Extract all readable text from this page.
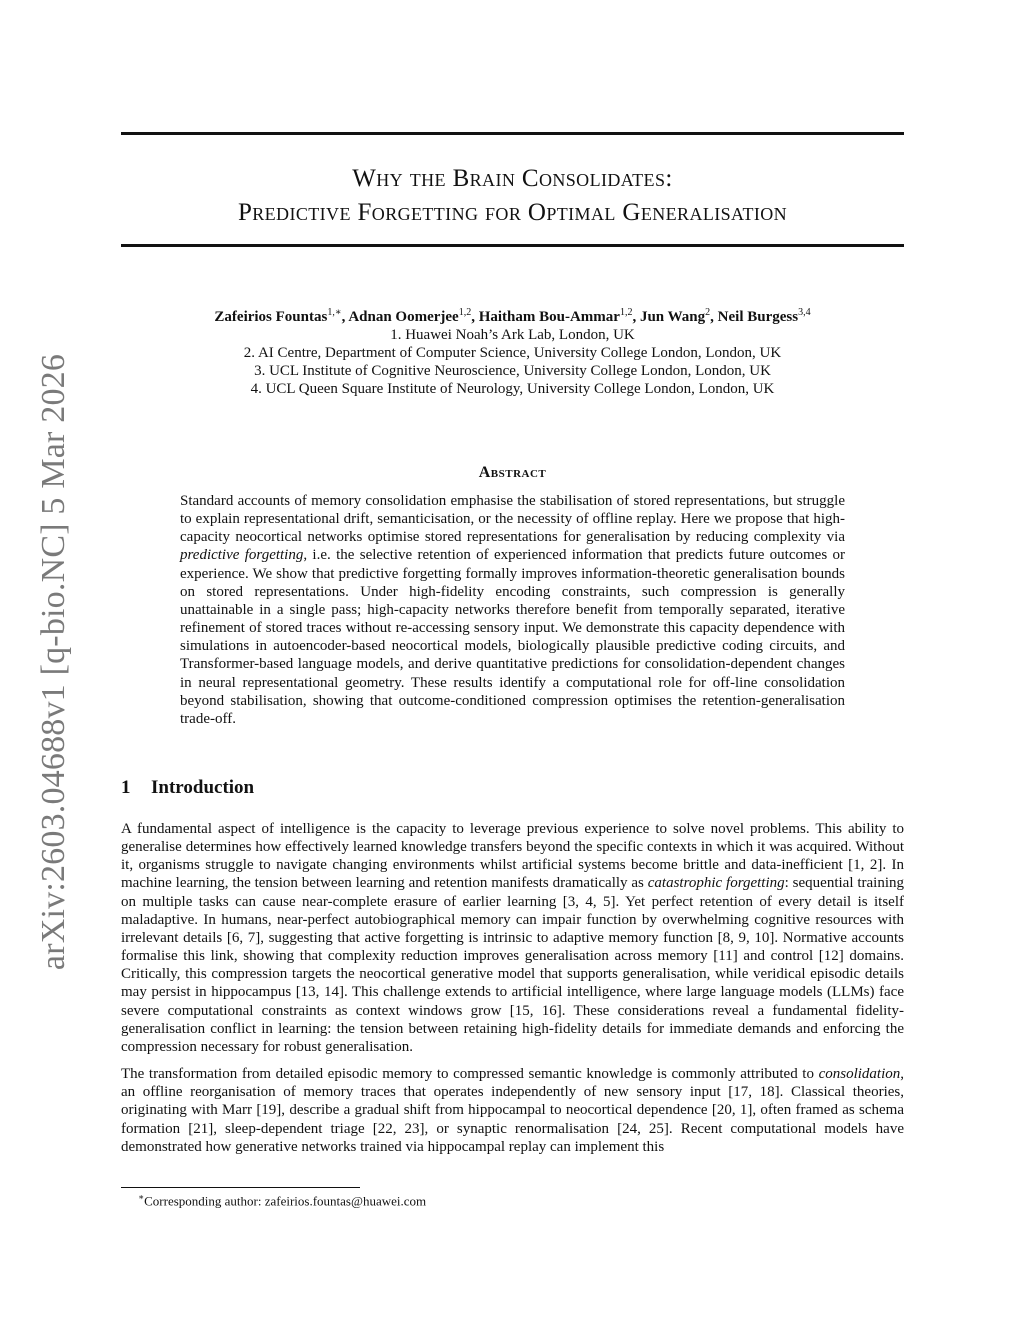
arXiv:2603.04688v1 [q-bio.NC] 5 Mar 2026
Why the Brain Consolidates:
Predictive Forgetting for Optimal Generalisation
Zafeirios Fountas$^{1,∗}$, Adnan Oomerjee$^{1,2}$, Haitham Bou-Ammar$^{1,2}$, Jun Wang$^2$, Neil Burgess$^{3,4}$
1. Huawei Noah’s Ark Lab, London, UK
2. AI Centre, Department of Computer Science, University College London, London, UK
3. UCL Institute of Cognitive Neuroscience, University College London, London, UK
4. UCL Queen Square Institute of Neurology, University College London, London, UK
Abstract
Standard accounts of memory consolidation emphasise the stabilisation of stored representations, but struggle to explain representational drift, semanticisation, or the necessity of offline replay. Here we propose that high-capacity neocortical networks optimise stored representations for generalisation by reducing complexity via predictive forgetting, i.e. the selective retention of experienced information that predicts future outcomes or experience. We show that predictive forgetting formally improves information-theoretic generalisation bounds on stored representations. Under high-fidelity encoding constraints, such compression is generally unattainable in a single pass; high-capacity networks therefore benefit from temporally separated, iterative refinement of stored traces without re-accessing sensory input. We demonstrate this capacity dependence with simulations in autoencoder-based neocortical models, biologically plausible predictive coding circuits, and Transformer-based language models, and derive quantitative predictions for consolidation-dependent changes in neural representational geometry. These results identify a computational role for off-line consolidation beyond stabilisation, showing that outcome-conditioned compression optimises the retention-generalisation trade-off.
1 Introduction

A fundamental aspect of intelligence is the capacity to leverage previous experience to solve novel problems. This ability to generalise determines how effectively learned knowledge transfers beyond the specific contexts in which it was acquired. Without it, organisms struggle to navigate changing environments whilst artificial systems become brittle and data-inefficient [1, 2]. In machine learning, the tension between learning and retention manifests dramatically as catastrophic forgetting: sequential training on multiple tasks can cause near-complete erasure of earlier learning [3, 4, 5]. Yet perfect retention of every detail is itself maladaptive. In humans, near-perfect autobiographical memory can impair function by overwhelming cognitive resources with irrelevant details [6, 7], suggesting that active forgetting is intrinsic to adaptive memory function [8, 9, 10]. Normative accounts formalise this link, showing that complexity reduction improves generalisation across memory [11] and control [12] domains. Critically, this compression targets the neocortical generative model that supports generalisation, while veridical episodic details may persist in hippocampus [13, 14]. This challenge extends to artificial intelligence, where large language models (LLMs) face severe computational constraints as context windows grow [15, 16]. These considerations reveal a fundamental fidelity-generalisation conflict in learning: the tension between retaining high-fidelity details for immediate demands and enforcing the compression necessary for robust generalisation.

The transformation from detailed episodic memory to compressed semantic knowledge is commonly attributed to consolidation, an offline reorganisation of memory traces that operates independently of new sensory input [17, 18]. Classical theories, originating with Marr [19], describe a gradual shift from hippocampal to neocortical dependence [20, 1], often framed as schema formation [21], sleep-dependent triage [22, 23], or synaptic renormalisation [24, 25]. Recent computational models have demonstrated how generative networks trained via hippocampal replay can implement this

∗Corresponding author: zafeirios.fountas@huawei.com
